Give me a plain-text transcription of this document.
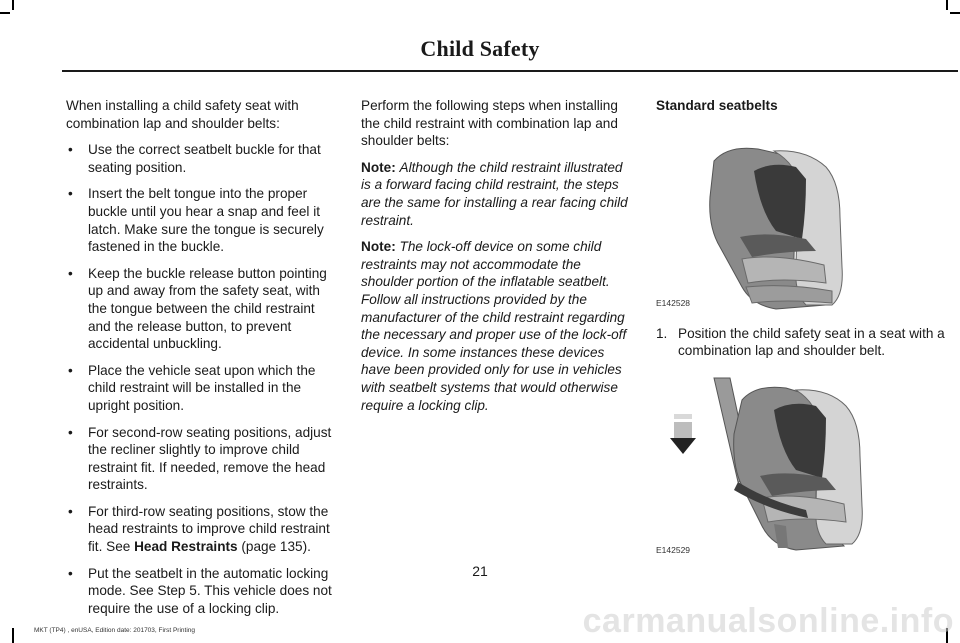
Child Safety

When installing a child safety seat with combination lap and shoulder belts:

• Use the correct seatbelt buckle for that seating position.
• Insert the belt tongue into the proper buckle until you hear a snap and feel it latch. Make sure the tongue is securely fastened in the buckle.
• Keep the buckle release button pointing up and away from the safety seat, with the tongue between the child restraint and the release button, to prevent accidental unbuckling.
• Place the vehicle seat upon which the child restraint will be installed in the upright position.
• For second-row seating positions, adjust the recliner slightly to improve child restraint fit. If needed, remove the head restraints.
• For third-row seating positions, stow the head restraints to improve child restraint fit. See Head Restraints (page 135).
• Put the seatbelt in the automatic locking mode. See Step 5. This vehicle does not require the use of a locking clip.

Perform the following steps when installing the child restraint with combination lap and shoulder belts:

Note: Although the child restraint illustrated is a forward facing child restraint, the steps are the same for installing a rear facing child restraint.

Note: The lock-off device on some child restraints may not accommodate the shoulder portion of the inflatable seatbelt. Follow all instructions provided by the manufacturer of the child restraint regarding the necessary and proper use of the lock-off device. In some instances these devices have been provided only for use in vehicles with seatbelt systems that would otherwise require a locking clip.

Standard seatbelts

E142528
1. Position the child safety seat in a seat with a combination lap and shoulder belt.
E142529
21
MKT (TP4) , enUSA, Edition date: 201703, First Printing	carmanualsonline.info
